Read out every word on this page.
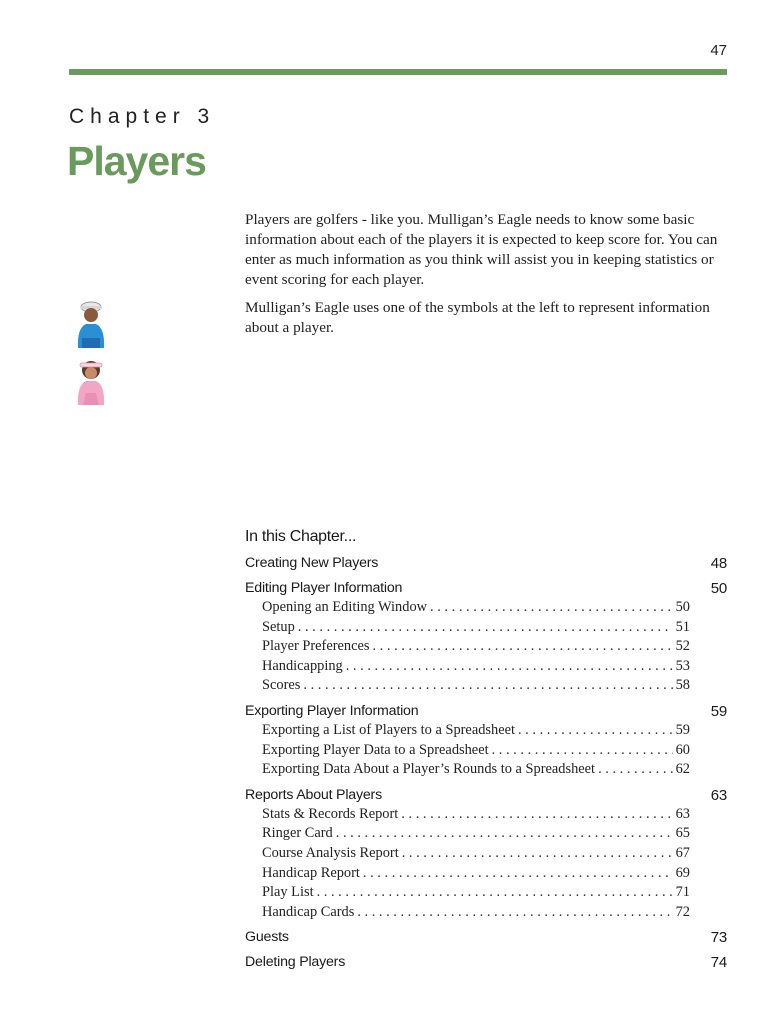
47
Chapter 3
Players

Players are golfers - like you. Mulligan’s Eagle needs to know some basic information about each of the players it is expected to keep score for. You can enter as much information as you think will assist you in keeping statistics or event scoring for each player.

Mulligan’s Eagle uses one of the symbols at the left to represent information about a player.

In this Chapter...
Creating New Players	48
Editing Player Information	50
Opening an Editing Window . . .	50
Setup . . .	51
Player Preferences . . .	52
Handicapping . . .	53
Scores . . .	58
Exporting Player Information	59
Exporting a List of Players to a Spreadsheet . . .	59
Exporting Player Data to a Spreadsheet . . .	60
Exporting Data About a Player’s Rounds to a Spreadsheet . . .	62
Reports About Players	63
Stats & Records Report . . .	63
Ringer Card . . .	65
Course Analysis Report . . .	67
Handicap Report . . .	69
Play List . . .	71
Handicap Cards . . .	72
Guests	73
Deleting Players	74
